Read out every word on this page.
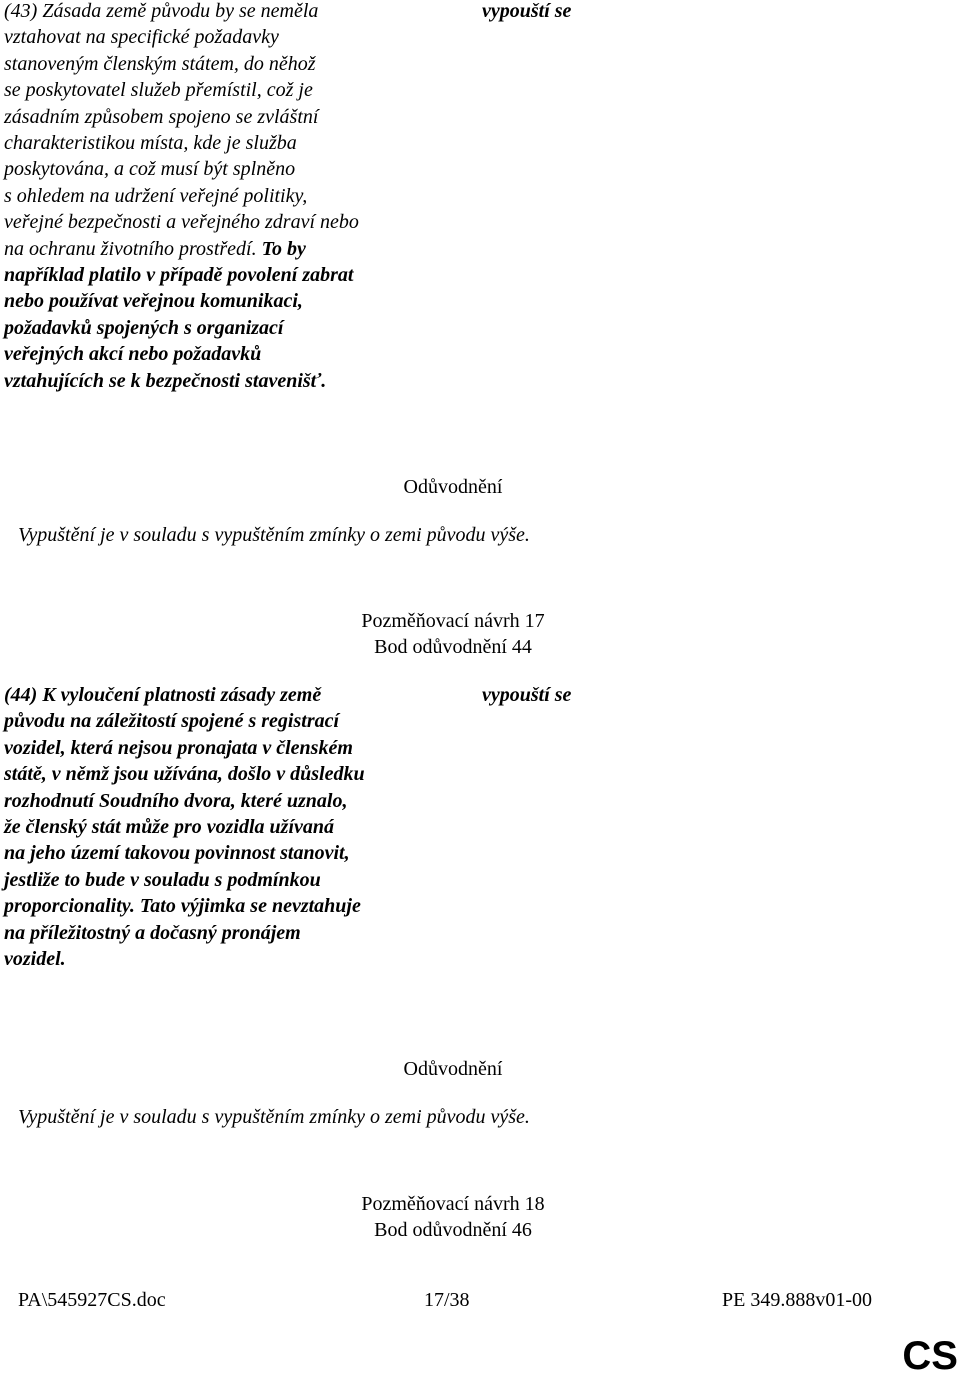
(43) Zásada země původu by se neměla
vztahovat na specifické požadavky
stanoveným členským státem, do něhož
se poskytovatel služeb přemístil, což je
zásadním způsobem spojeno se zvláštní
charakteristikou místa, kde je služba
poskytována, a což musí být splněno
s ohledem na udržení veřejné politiky,
veřejné bezpečnosti a veřejného zdraví nebo
na ochranu životního prostředí. To by
například platilo v případě povolení zabrat
nebo používat veřejnou komunikaci,
požadavků spojených s organizací
veřejných akcí nebo požadavků
vztahujících se k bezpečnosti stavenišť.
vypouští se
Odůvodnění
Vypuštění je v souladu s vypuštěním zmínky o zemi původu výše.
Pozměňovací návrh 17
Bod odůvodnění 44
(44) K vyloučení platnosti zásady země
původu na záležitostí spojené s registrací
vozidel, která nejsou pronajata v členském
státě, v němž jsou užívána, došlo v důsledku
rozhodnutí Soudního dvora, které uznalo,
že členský stát může pro vozidla užívaná
na jeho území takovou povinnost stanovit,
jestliže to bude v souladu s podmínkou
proporcionality. Tato výjimka se nevztahuje
na příležitostný a dočasný pronájem
vozidel.
vypouští se
Odůvodnění
Vypuštění je v souladu s vypuštěním zmínky o zemi původu výše.
Pozměňovací návrh 18
Bod odůvodnění 46
PA\545927CS.doc	17/38	PE 349.888v01-00
CS
